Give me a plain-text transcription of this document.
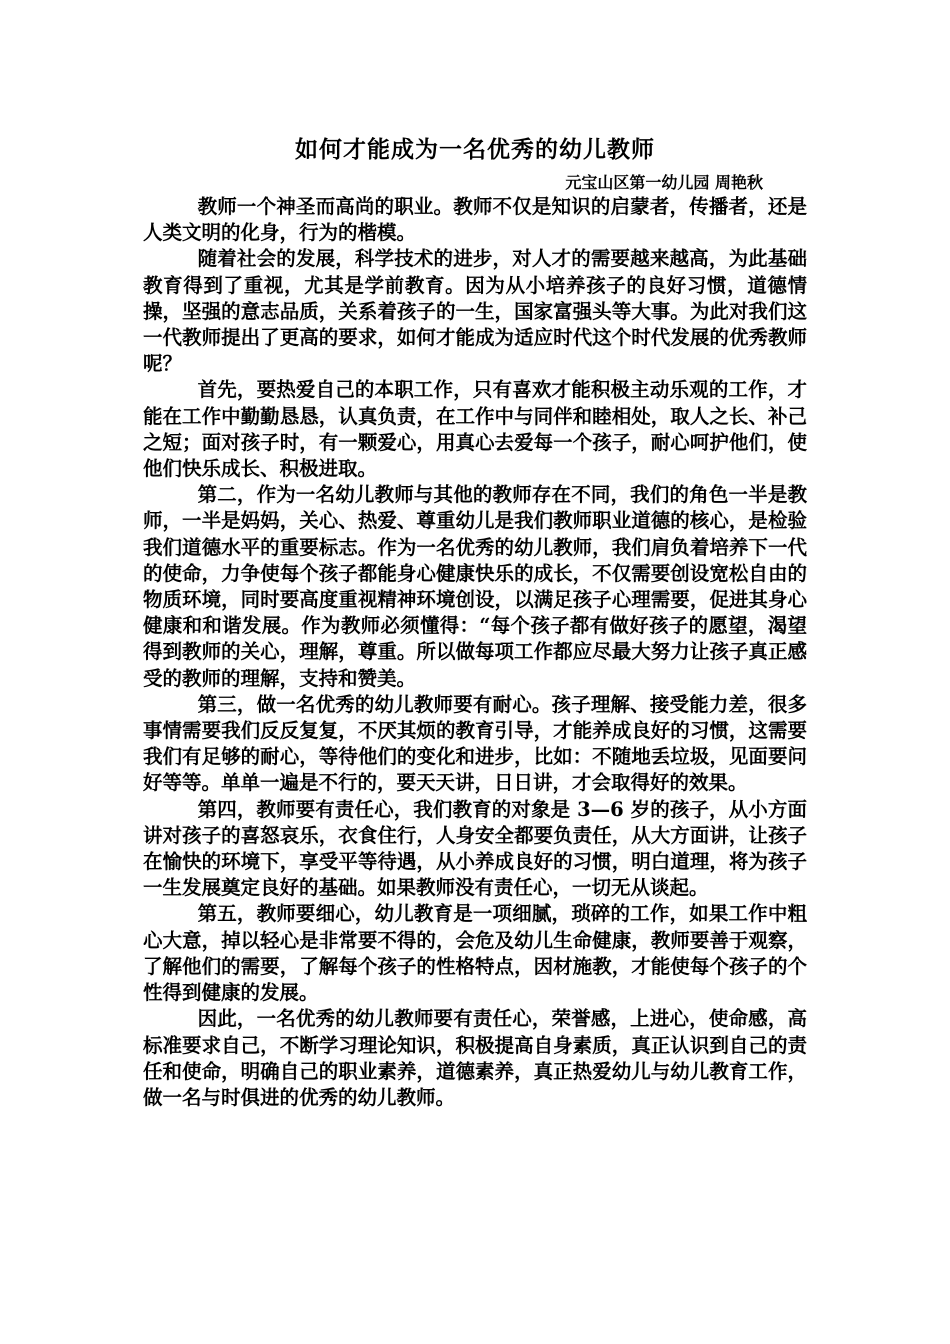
如何才能成为一名优秀的幼儿教师
元宝山区第一幼儿园 周艳秋

教师一个神圣而高尚的职业。教师不仅是知识的启蒙者，传播者，还是人类文明的化身，行为的楷模。

随着社会的发展，科学技术的进步，对人才的需要越来越高，为此基础教育得到了重视，尤其是学前教育。因为从小培养孩子的良好习惯，道德情操，坚强的意志品质，关系着孩子的一生，国家富强头等大事。为此对我们这一代教师提出了更高的要求，如何才能成为适应时代这个时代发展的优秀教师呢？

首先，要热爱自己的本职工作，只有喜欢才能积极主动乐观的工作，才能在工作中勤勤恳恳，认真负责，在工作中与同伴和睦相处，取人之长、补己之短；面对孩子时，有一颗爱心，用真心去爱每一个孩子，耐心呵护他们，使他们快乐成长、积极进取。

第二，作为一名幼儿教师与其他的教师存在不同，我们的角色一半是教师，一半是妈妈，关心、热爱、尊重幼儿是我们教师职业道德的核心，是检验我们道德水平的重要标志。作为一名优秀的幼儿教师，我们肩负着培养下一代的使命，力争使每个孩子都能身心健康快乐的成长，不仅需要创设宽松自由的物质环境，同时要高度重视精神环境创设，以满足孩子心理需要，促进其身心健康和和谐发展。作为教师必须懂得：“每个孩子都有做好孩子的愿望，渴望得到教师的关心，理解，尊重。所以做每项工作都应尽最大努力让孩子真正感受的教师的理解，支持和赞美。

第三，做一名优秀的幼儿教师要有耐心。孩子理解、接受能力差，很多事情需要我们反反复复，不厌其烦的教育引导，才能养成良好的习惯，这需要我们有足够的耐心，等待他们的变化和进步，比如：不随地丢垃圾，见面要问好等等。单单一遍是不行的，要天天讲，日日讲，才会取得好的效果。

第四，教师要有责任心，我们教育的对象是 3—6 岁的孩子，从小方面讲对孩子的喜怒哀乐，衣食住行，人身安全都要负责任，从大方面讲，让孩子在愉快的环境下，享受平等待遇，从小养成良好的习惯，明白道理，将为孩子一生发展奠定良好的基础。如果教师没有责任心，一切无从谈起。

第五，教师要细心，幼儿教育是一项细腻，琐碎的工作，如果工作中粗心大意，掉以轻心是非常要不得的，会危及幼儿生命健康，教师要善于观察，了解他们的需要，了解每个孩子的性格特点，因材施教，才能使每个孩子的个性得到健康的发展。

因此，一名优秀的幼儿教师要有责任心，荣誉感，上进心，使命感，高标准要求自己，不断学习理论知识，积极提高自身素质，真正认识到自己的责任和使命，明确自己的职业素养，道德素养，真正热爱幼儿与幼儿教育工作，做一名与时俱进的优秀的幼儿教师。
